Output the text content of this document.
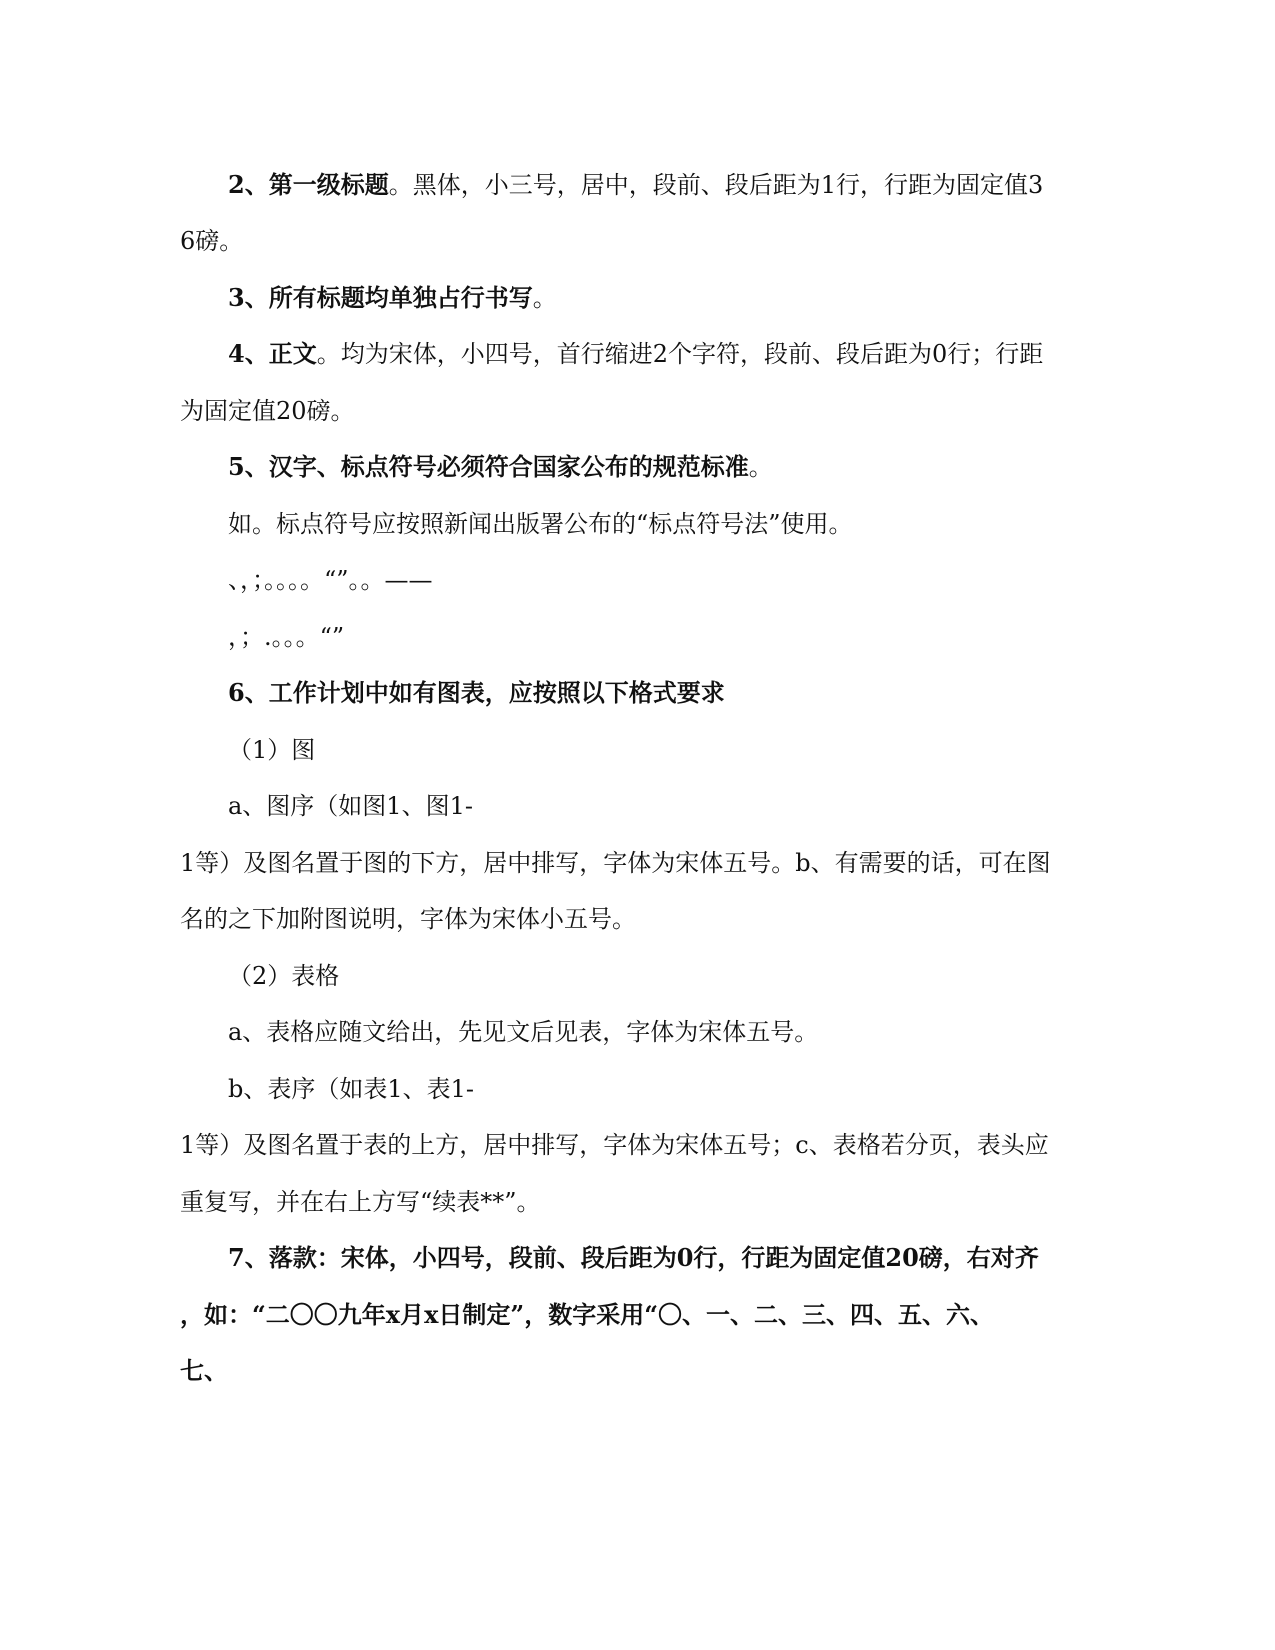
2、第一级标题。黑体，小三号，居中，段前、段后距为1行，行距为固定值3
6磅。
3、所有标题均单独占行书写。
4、正文。均为宋体，小四号，首行缩进2个字符，段前、段后距为0行；行距
为固定值20磅。
5、汉字、标点符号必须符合国家公布的规范标准。
如。标点符号应按照新闻出版署公布的“标点符号法”使用。
、，；。。。。“”。。——
，；.。。。“”
6、工作计划中如有图表，应按照以下格式要求
（1）图
a、图序（如图1、图1-
1等）及图名置于图的下方，居中排写，字体为宋体五号。b、有需要的话，可在图
名的之下加附图说明，字体为宋体小五号。
（2）表格
a、表格应随文给出，先见文后见表，字体为宋体五号。
b、表序（如表1、表1-
1等）及图名置于表的上方，居中排写，字体为宋体五号；c、表格若分页，表头应
重复写，并在右上方写“续表**”。
7、落款：宋体，小四号，段前、段后距为0行，行距为固定值20磅，右对齐
，如：“二〇〇九年x月x日制定”，数字采用“〇、一、二、三、四、五、六、
七、
